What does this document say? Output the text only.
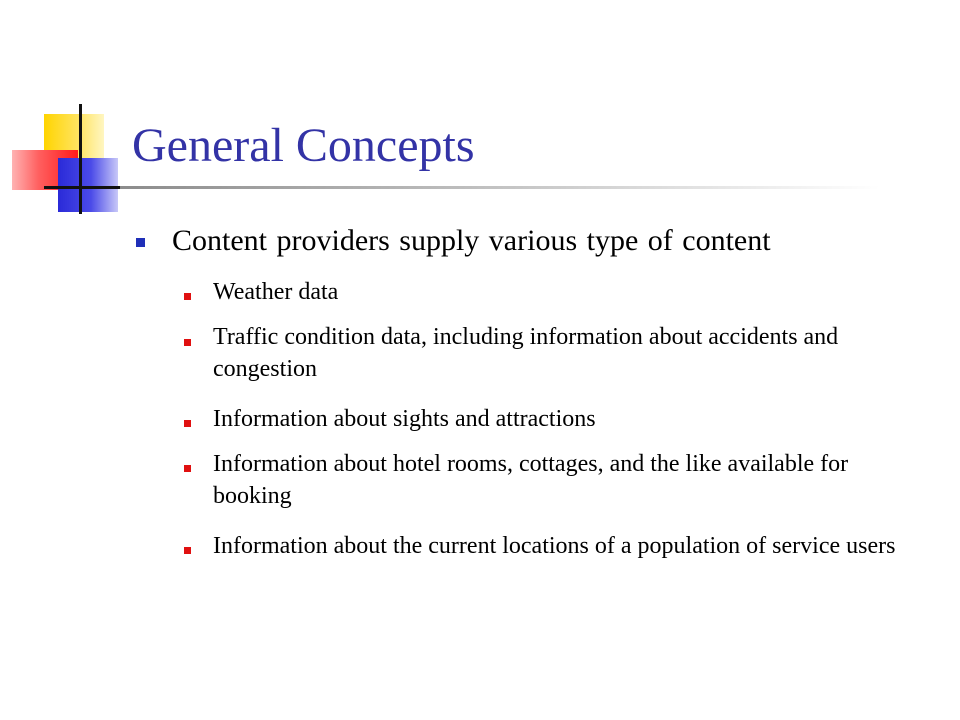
General Concepts
Content providers supply various type of content
Weather data
Traffic condition data, including information about accidents and congestion
Information about sights and attractions
Information about hotel rooms, cottages, and the like available for booking
Information about the current locations of a population of service users
